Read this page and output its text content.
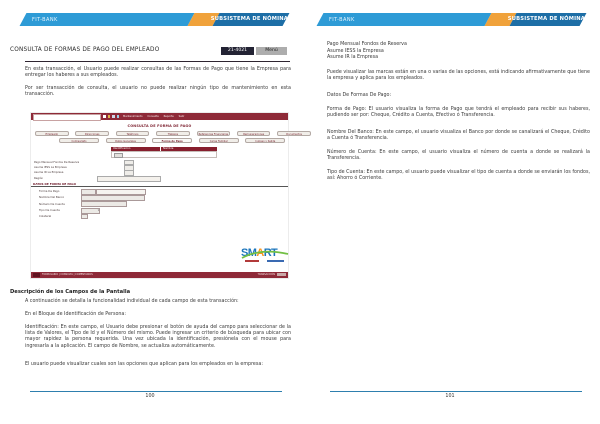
FIT-BANK	SUBSISTEMA DE NÓMINA
CONSULTA DE FORMAS DE PAGO DEL EMPLEADO	21-4021	Menú
En esta transacción, el Usuario puede realizar consultas de las Formas de Pago que tiene la Empresa para entregar los haberes a sus empleados.
Por ser transacción de consulta, el usuario no puede realizar ningún tipo de mantenimiento en esta transacción.
Mantenimiento Consulta Reporte Salir
CONSULTA DE FORMA DE PAGO
Empleado	Direcciones	Teléfonos	Trabajos	Referencias Financieras	Remuneraciones	Documentos
Comisariato	Datos Generales	Forma de Pago	Carga Familiar	Ingreso y Salida
Identificación	Nombre
Pago Mensual Fondos De Reserva
Asume IESS La Empresa
Asume IR La Empresa
Región
DATOS DE FORMA DE PAGO
Forma De Pago
Nombre Del Banco
Número De Cuenta
Tipo De Cuenta	▾
Colateral
SMART
FORMULARIO | CONSULTA | COMENTARIOS	TRANSACCIÓN
Descripción de los Campos de la Pantalla
A continuación se detalla la funcionalidad individual de cada campo de esta transacción:
En el Bloque de Identificación de Persona:
Identificación: En este campo, el Usuario debe presionar el botón de ayuda del campo para seleccionar de la lista de Valores, el Tipo de Id y el Número del mismo. Puede ingresar un criterio de búsqueda para ubicar con mayor rapidez la persona requerida. Una vez ubicada la identificación, presiónela con el mouse para ingresarla a la aplicación. El campo de Nombre, se actualiza automáticamente.
El usuario puede visualizar cuales son las opciones que aplican para los empleados en la empresa:
100
FIT-BANK	SUBSISTEMA DE NÓMINA
Pago Mensual Fondos de Reserva
Asume IESS la Empresa
Asume IR la Empresa
Puede visualizar las marcas están en una o varias de las opciones, está indicando afirmativamente que tiene la empresa y aplica para los empleados.
Datos De Formas De Pago:
Forma de Pago: El usuario visualiza la forma de Pago que tendrá el empleado para recibir sus haberes, pudiendo ser por: Cheque, Crédito a Cuenta, Efectivo ó Transferencia.
Nombre Del Banco: En este campo, el usuario visualiza el Banco por donde se canalizará el Cheque, Crédito a Cuenta ó Transferencia.
Número de Cuenta: En este campo, el usuario visualiza el número de cuenta a donde se realizará la Transferencia.
Tipo de Cuenta: En este campo, el usuario puede visualizar el tipo de cuenta a donde se enviarán los fondos, así: Ahorro ó Corriente.
101
